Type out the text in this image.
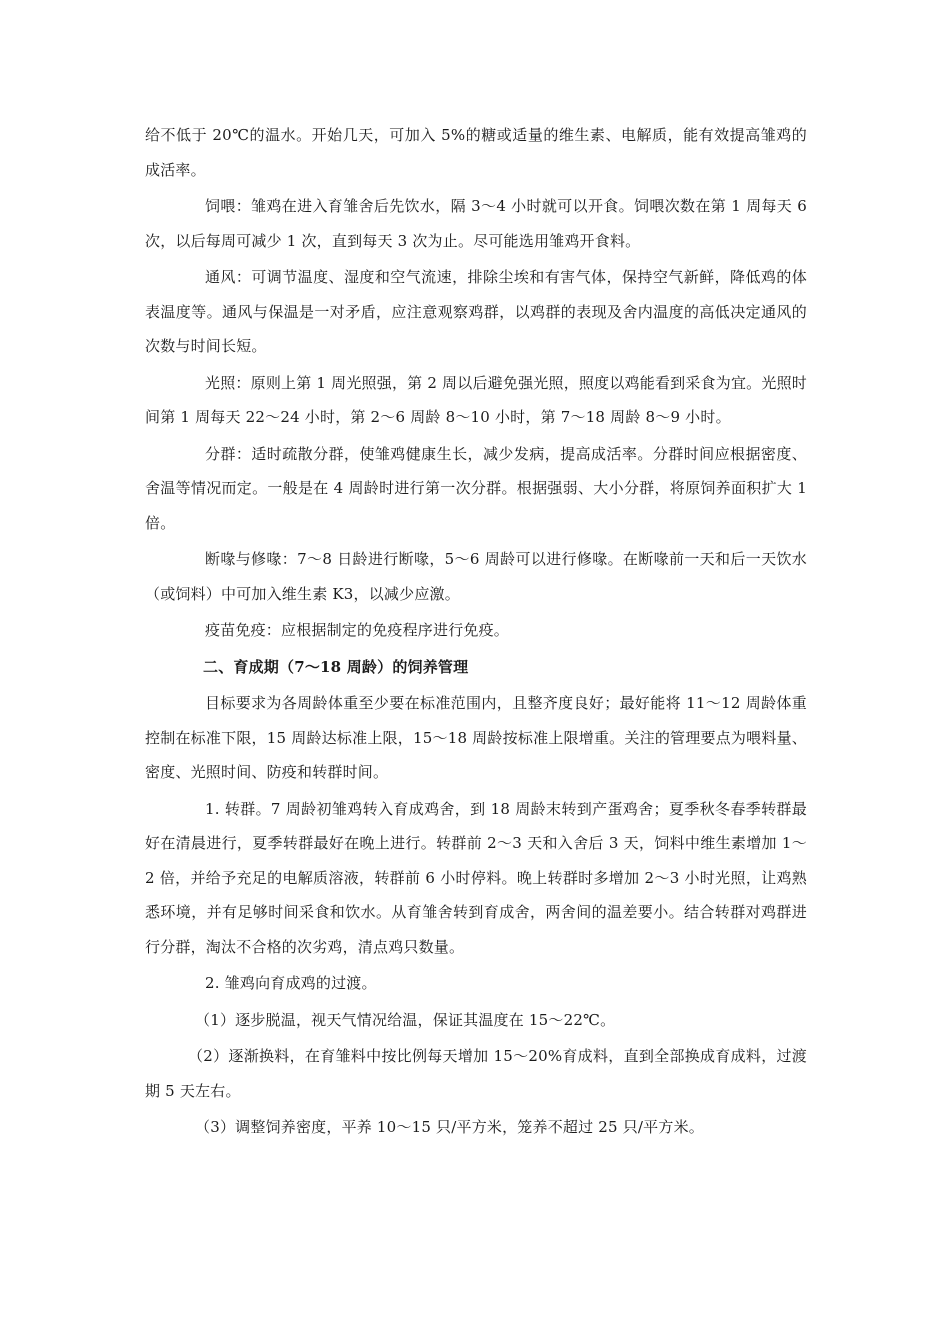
给不低于 20℃的温水。开始几天，可加入 5%的糖或适量的维生素、电解质，能有效提高雏鸡的成活率。

饲喂：雏鸡在进入育雏舍后先饮水，隔 3～4 小时就可以开食。饲喂次数在第 1 周每天 6 次，以后每周可减少 1 次，直到每天 3 次为止。尽可能选用雏鸡开食料。

通风：可调节温度、湿度和空气流速，排除尘埃和有害气体，保持空气新鲜，降低鸡的体表温度等。通风与保温是一对矛盾，应注意观察鸡群，以鸡群的表现及舍内温度的高低决定通风的次数与时间长短。

光照：原则上第 1 周光照强，第 2 周以后避免强光照，照度以鸡能看到采食为宜。光照时间第 1 周每天 22～24 小时，第 2～6 周龄 8～10 小时，第 7～18 周龄 8～9 小时。

分群：适时疏散分群，使雏鸡健康生长，减少发病，提高成活率。分群时间应根据密度、舍温等情况而定。一般是在 4 周龄时进行第一次分群。根据强弱、大小分群，将原饲养面积扩大 1 倍。

断喙与修喙：7～8 日龄进行断喙，5～6 周龄可以进行修喙。在断喙前一天和后一天饮水（或饲料）中可加入维生素 K3，以减少应激。

疫苗免疫：应根据制定的免疫程序进行免疫。

二、育成期（7～18 周龄）的饲养管理

目标要求为各周龄体重至少要在标准范围内，且整齐度良好；最好能将 11～12 周龄体重控制在标准下限，15 周龄达标准上限，15～18 周龄按标准上限增重。关注的管理要点为喂料量、密度、光照时间、防疫和转群时间。

1. 转群。7 周龄初雏鸡转入育成鸡舍，到 18 周龄末转到产蛋鸡舍；夏季秋冬春季转群最好在清晨进行，夏季转群最好在晚上进行。转群前 2～3 天和入舍后 3 天，饲料中维生素增加 1～2 倍，并给予充足的电解质溶液，转群前 6 小时停料。晚上转群时多增加 2～3 小时光照，让鸡熟悉环境，并有足够时间采食和饮水。从育雏舍转到育成舍，两舍间的温差要小。结合转群对鸡群进行分群，淘汰不合格的次劣鸡，清点鸡只数量。

2. 雏鸡向育成鸡的过渡。

（1）逐步脱温，视天气情况给温，保证其温度在 15～22℃。

（2）逐渐换料，在育雏料中按比例每天增加 15～20%育成料，直到全部换成育成料，过渡期 5 天左右。

（3）调整饲养密度，平养 10～15 只/平方米，笼养不超过 25 只/平方米。
